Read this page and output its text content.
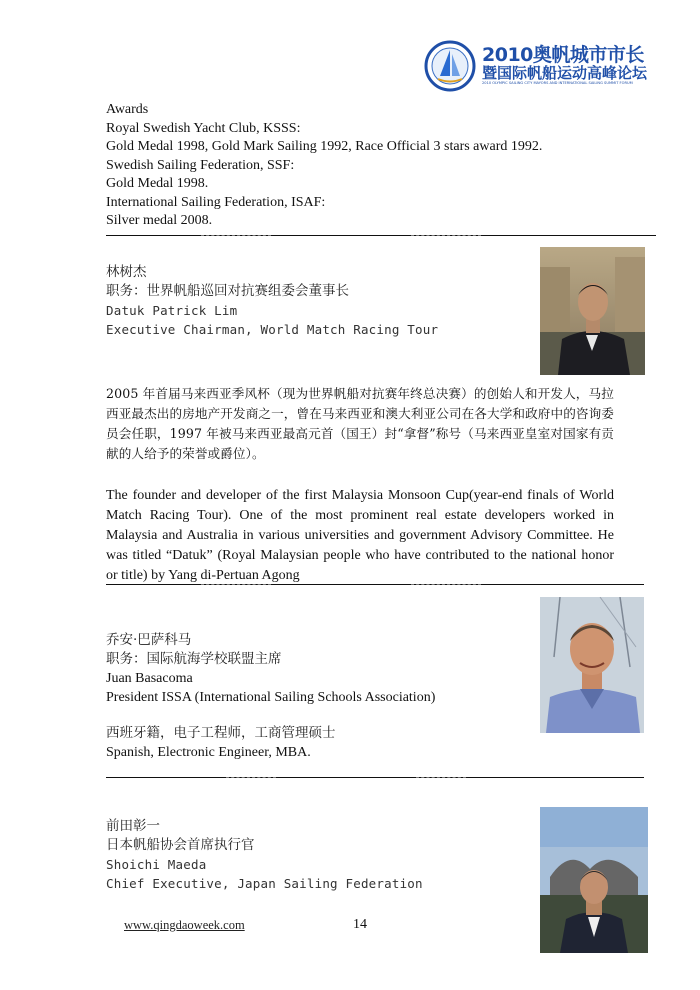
2010奥帆城市市长
暨国际帆船运动高峰论坛
2010 OLYMPIC SAILING CITY MAYORS AND INTERNATIONAL SAILING SUMMIT FORUM
Awards
Royal Swedish Yacht Club, KSSS:
Gold Medal 1998, Gold Mark Sailing 1992, Race Official 3 stars award 1992.
Swedish Sailing Federation, SSF:
Gold Medal 1998.
International Sailing Federation, ISAF:
Silver medal 2008.
林树杰
职务：世界帆船巡回对抗赛组委会董事长
Datuk Patrick Lim
Executive Chairman, World Match Racing Tour
2005 年首届马来西亚季风杯（现为世界帆船对抗赛年终总决赛）的创始人和开发人，马拉西亚最杰出的房地产开发商之一，曾在马来西亚和澳大利亚公司在各大学和政府中的咨询委员会任职，1997 年被马来西亚最高元首（国王）封“拿督”称号（马来西亚皇室对国家有贡献的人给予的荣誉或爵位）。
The founder and developer of the first Malaysia Monsoon Cup(year-end finals of World Match Racing Tour). One of the most prominent real estate developers worked in Malaysia and Australia in various universities and government Advisory Committee. He was titled “Datuk” (Royal Malaysian people who have contributed to the national honor or title) by Yang di-Pertuan Agong
乔安·巴萨科马
职务：国际航海学校联盟主席
Juan Basacoma
President ISSA (International Sailing Schools Association)
西班牙籍，电子工程师，工商管理硕士
Spanish, Electronic Engineer, MBA.
前田彰一
日本帆船协会首席执行官
Shoichi Maeda
Chief Executive, Japan Sailing Federation
www.qingdaoweek.com	14
